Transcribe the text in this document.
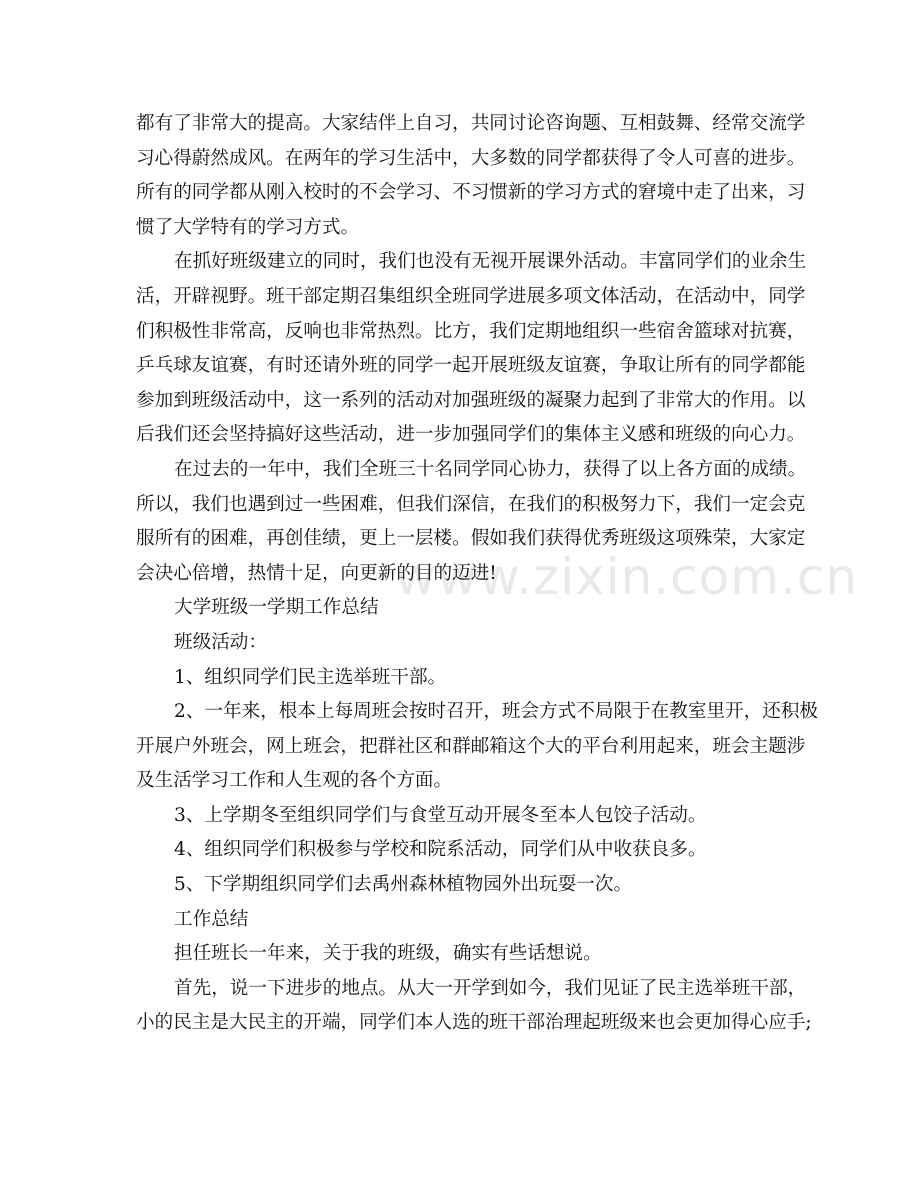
www.zixin.com.cn
都有了非常大的提高。大家结伴上自习，共同讨论咨询题、互相鼓舞、经常交流学
习心得蔚然成风。在两年的学习生活中，大多数的同学都获得了令人可喜的进步。
所有的同学都从刚入校时的不会学习、不习惯新的学习方式的窘境中走了出来，习
惯了大学特有的学习方式。
在抓好班级建立的同时，我们也没有无视开展课外活动。丰富同学们的业余生
活，开辟视野。班干部定期召集组织全班同学进展多项文体活动，在活动中，同学
们积极性非常高，反响也非常热烈。比方，我们定期地组织一些宿舍篮球对抗赛，
乒乓球友谊赛，有时还请外班的同学一起开展班级友谊赛，争取让所有的同学都能
参加到班级活动中，这一系列的活动对加强班级的凝聚力起到了非常大的作用。以
后我们还会坚持搞好这些活动，进一步加强同学们的集体主义感和班级的向心力。
在过去的一年中，我们全班三十名同学同心协力，获得了以上各方面的成绩。
所以，我们也遇到过一些困难，但我们深信，在我们的积极努力下，我们一定会克
服所有的困难，再创佳绩，更上一层楼。假如我们获得优秀班级这项殊荣，大家定
会决心倍增，热情十足，向更新的目的迈进!
大学班级一学期工作总结
班级活动：
1、组织同学们民主选举班干部。
2、一年来，根本上每周班会按时召开，班会方式不局限于在教室里开，还积极
开展户外班会，网上班会，把群社区和群邮箱这个大的平台利用起来，班会主题涉
及生活学习工作和人生观的各个方面。
3、上学期冬至组织同学们与食堂互动开展冬至本人包饺子活动。
4、组织同学们积极参与学校和院系活动，同学们从中收获良多。
5、下学期组织同学们去禹州森林植物园外出玩耍一次。
工作总结
担任班长一年来，关于我的班级，确实有些话想说。
首先，说一下进步的地点。从大一开学到如今，我们见证了民主选举班干部，
小的民主是大民主的开端，同学们本人选的班干部治理起班级来也会更加得心应手;
